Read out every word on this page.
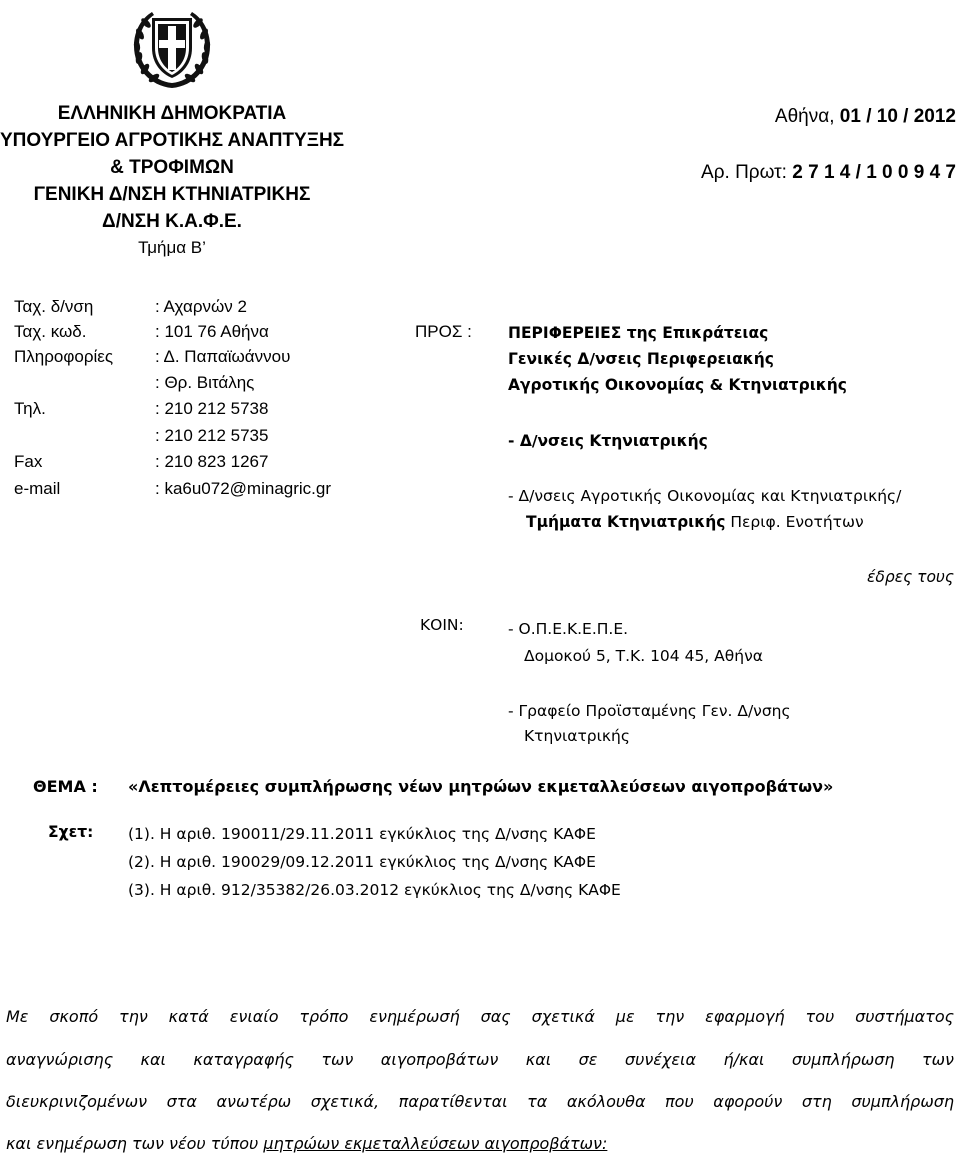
ΕΛΛΗΝΙΚΗ ΔΗΜΟΚΡΑΤΙΑ
ΥΠΟΥΡΓΕΙΟ ΑΓΡΟΤΙΚΗΣ ΑΝΑΠΤΥΞΗΣ
& ΤΡΟΦΙΜΩΝ
ΓΕΝΙΚΗ Δ/ΝΣΗ ΚΤΗΝΙΑΤΡΙΚΗΣ
Δ/ΝΣΗ Κ.Α.Φ.Ε.
Τμήμα Β’
Αθήνα, 01 / 10 / 2012
Αρ. Πρωτ: 2 7 1 4 / 1 0 0 9 4 7
Ταχ. δ/νση	: Αχαρνών 2
Ταχ. κωδ.	: 101 76 Αθήνα
Πληροφορίες : Δ. Παπαϊωάννου
: Θρ. Βιτάλης
Τηλ.	: 210 212 5738
: 210 212 5735
Fax	: 210 823 1267
e-mail	: ka6u072@minagric.gr
ΠΡΟΣ : ΠΕΡΙΦΕΡΕΙΕΣ της Επικράτειας
Γενικές Δ/νσεις Περιφερειακής
Αγροτικής Οικονομίας & Κτηνιατρικής
- Δ/νσεις Κτηνιατρικής
- Δ/νσεις Αγροτικής Οικονομίας και Κτηνιατρικής/
Τμήματα Κτηνιατρικής Περιφ. Ενοτήτων
έδρες τους
ΚΟΙΝ:	- Ο.Π.Ε.Κ.Ε.Π.Ε.
Δομοκού 5, Τ.Κ. 104 45, Αθήνα
- Γραφείο Προϊσταμένης Γεν. Δ/νσης
Κτηνιατρικής
ΘΕΜΑ : «Λεπτομέρειες συμπλήρωσης νέων μητρώων εκμεταλλεύσεων αιγοπροβάτων»
Σχετ: (1). Η αριθ. 190011/29.11.2011 εγκύκλιος της Δ/νσης ΚΑΦΕ
(2). Η αριθ. 190029/09.12.2011 εγκύκλιος της Δ/νσης ΚΑΦΕ
(3). Η αριθ. 912/35382/26.03.2012 εγκύκλιος της Δ/νσης ΚΑΦΕ
Με σκοπό την κατά ενιαίο τρόπο ενημέρωσή σας σχετικά με την εφαρμογή του συστήματος
αναγνώρισης και καταγραφής των αιγοπροβάτων και σε συνέχεια ή/και συμπλήρωση των
διευκρινιζομένων στα ανωτέρω σχετικά, παρατίθενται τα ακόλουθα που αφορούν στη συμπλήρωση
και ενημέρωση των νέου τύπου μητρώων εκμεταλλεύσεων αιγοπροβάτων:
